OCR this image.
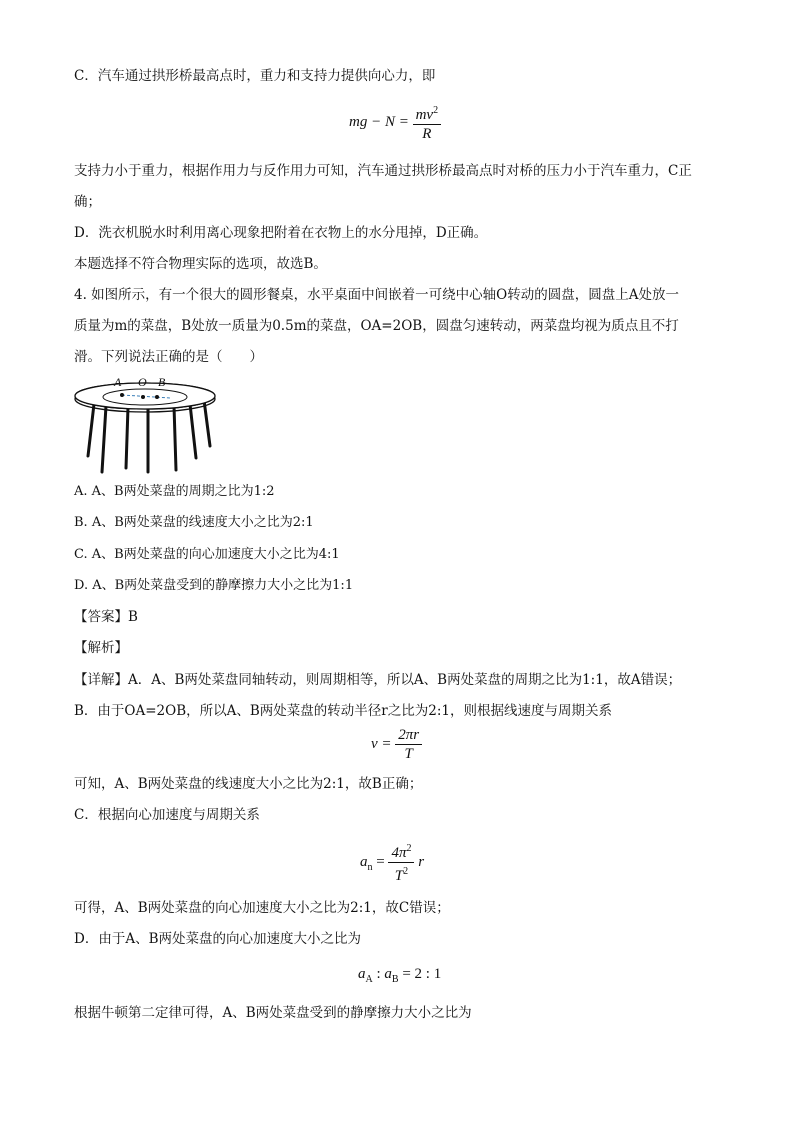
C．汽车通过拱形桥最高点时，重力和支持力提供向心力，即
mg − $N = \frac{mv^2}{R}$
支持力小于重力，根据作用力与反作用力可知，汽车通过拱形桥最高点时对桥的压力小于汽车重力，C正
确；
D．洗衣机脱水时利用离心现象把附着在衣物上的水分甩掉，D正确。
本题选择不符合物理实际的选项，故选B。
4. 如图所示，有一个很大的圆形餐桌，水平桌面中间嵌着一可绕中心轴O转动的圆盘，圆盘上A处放一
质量为m的菜盘，B处放一质量为0.5m的菜盘，OA=2OB，圆盘匀速转动，两菜盘均视为质点且不打
滑。下列说法正确的是（　　）
A O B
A. A、B两处菜盘的周期之比为1:2
B. A、B两处菜盘的线速度大小之比为2:1
C. A、B两处菜盘的向心加速度大小之比为4:1
D. A、B两处菜盘受到的静摩擦力大小之比为1:1
【答案】B
【解析】
【详解】A．A、B两处菜盘同轴转动，则周期相等，所以A、B两处菜盘的周期之比为1:1，故A错误；
B．由于OA=2OB，所以A、B两处菜盘的转动半径r之比为2:1，则根据线速度与周期关系
$v = \frac{2\pi r}{T}$
可知，A、B两处菜盘的线速度大小之比为2:1，故B正确；
C．根据向心加速度与周期关系
$a_n = \frac{4\pi^2}{T^2}$ r
可得，A、B两处菜盘的向心加速度大小之比为2:1，故C错误；
D．由于A、B两处菜盘的向心加速度大小之比为
$a_A$ : $a_B = 2$ : 1
根据牛顿第二定律可得，A、B两处菜盘受到的静摩擦力大小之比为
